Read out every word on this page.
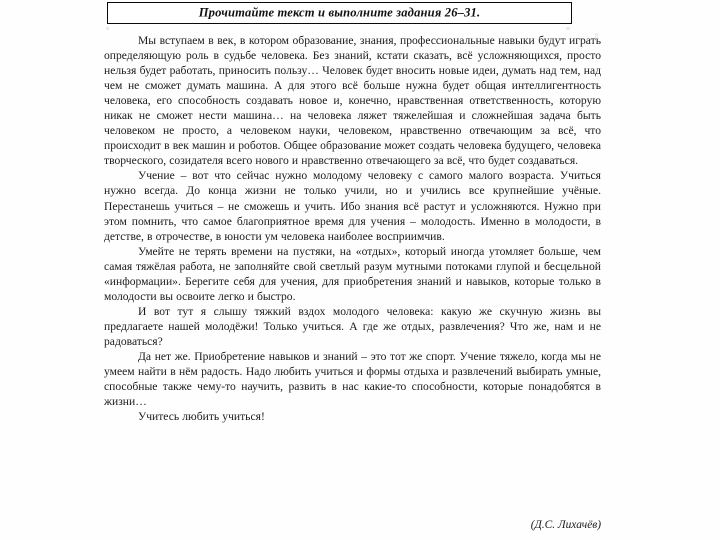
Прочитайте текст и выполните задания 26–31.

Мы вступаем в век, в котором образование, знания, профессиональные навыки будут играть определяющую роль в судьбе человека. Без знаний, кстати сказать, всё усложняющихся, просто нельзя будет работать, приносить пользу… Человек будет вносить новые идеи, думать над тем, над чем не сможет думать машина. А для этого всё больше нужна будет общая интеллигентность человека, его способность создавать новое и, конечно, нравственная ответственность, которую никак не сможет нести машина… на человека ляжет тяжелейшая и сложнейшая задача быть человеком не просто, а человеком науки, человеком, нравственно отвечающим за всё, что происходит в век машин и роботов. Общее образование может создать человека будущего, человека творческого, созидателя всего нового и нравственно отвечающего за всё, что будет создаваться.

Учение – вот что сейчас нужно молодому человеку с самого малого возраста. Учиться нужно всегда. До конца жизни не только учили, но и учились все крупнейшие учёные. Перестанешь учиться – не сможешь и учить. Ибо знания всё растут и усложняются. Нужно при этом помнить, что самое благоприятное время для учения – молодость. Именно в молодости, в детстве, в отрочестве, в юности ум человека наиболее восприимчив.

Умейте не терять времени на пустяки, на «отдых», который иногда утомляет больше, чем самая тяжёлая работа, не заполняйте свой светлый разум мутными потоками глупой и бесцельной «информации». Берегите себя для учения, для приобретения знаний и навыков, которые только в молодости вы освоите легко и быстро.

И вот тут я слышу тяжкий вздох молодого человека: какую же скучную жизнь вы предлагаете нашей молодёжи! Только учиться. А где же отдых, развлечения? Что же, нам и не радоваться?

Да нет же. Приобретение навыков и знаний – это тот же спорт. Учение тяжело, когда мы не умеем найти в нём радость. Надо любить учиться и формы отдыха и развлечений выбирать умные, способные также чему-то научить, развить в нас какие-то способности, которые понадобятся в жизни…

Учитесь любить учиться!

(Д.С. Лихачёв)
